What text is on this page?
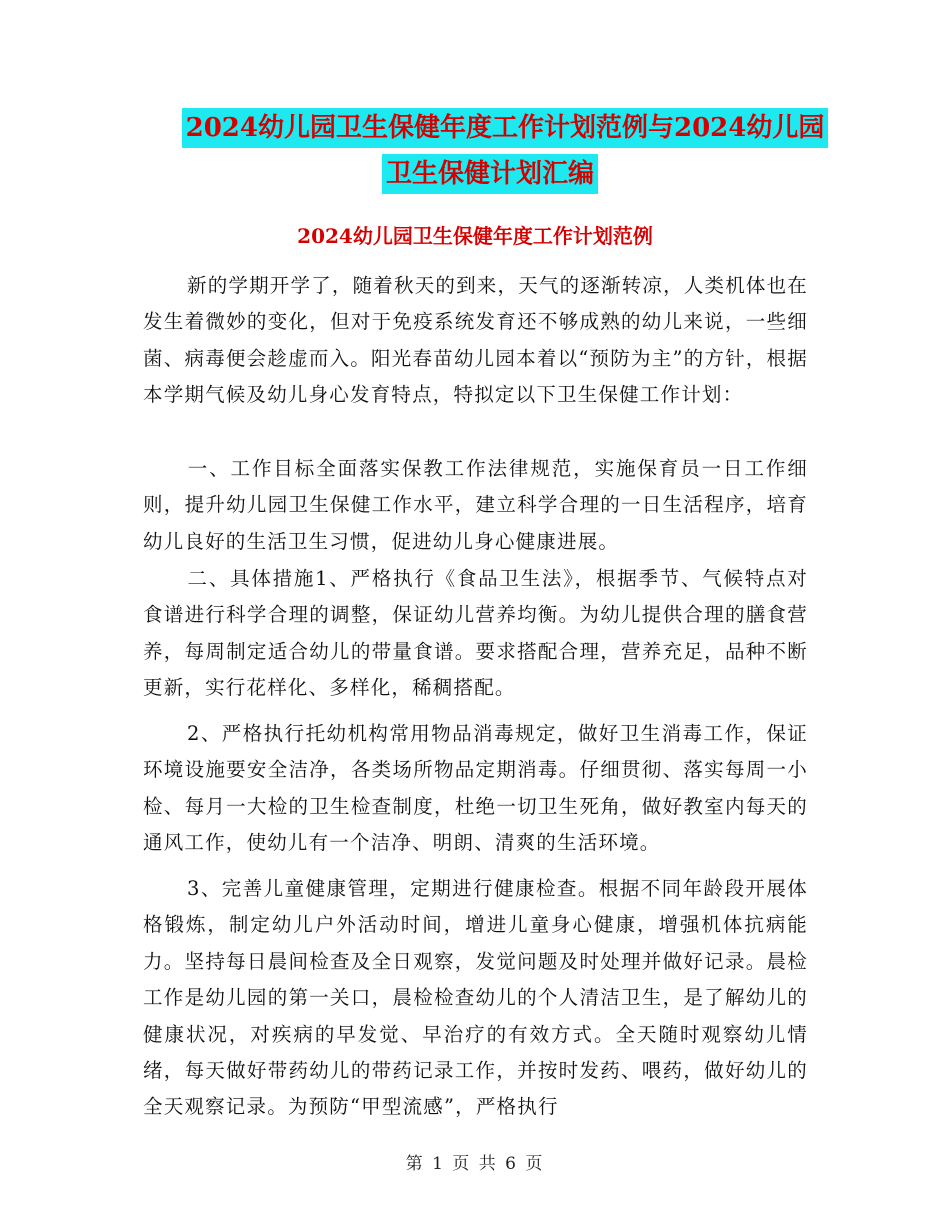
2024幼儿园卫生保健年度工作计划范例与2024幼儿园
卫生保健计划汇编
2024幼儿园卫生保健年度工作计划范例

新的学期开学了，随着秋天的到来，天气的逐渐转凉，人类机体也在发生着微妙的变化，但对于免疫系统发育还不够成熟的幼儿来说，一些细菌、病毒便会趁虚而入。阳光春苗幼儿园本着以“预防为主”的方针，根据本学期气候及幼儿身心发育特点，特拟定以下卫生保健工作计划：

一、工作目标全面落实保教工作法律规范，实施保育员一日工作细则，提升幼儿园卫生保健工作水平，建立科学合理的一日生活程序，培育幼儿良好的生活卫生习惯，促进幼儿身心健康进展。

二、具体措施1、严格执行《食品卫生法》，根据季节、气候特点对食谱进行科学合理的调整，保证幼儿营养均衡。为幼儿提供合理的膳食营养，每周制定适合幼儿的带量食谱。要求搭配合理，营养充足，品种不断更新，实行花样化、多样化，稀稠搭配。

2、严格执行托幼机构常用物品消毒规定，做好卫生消毒工作，保证环境设施要安全洁净，各类场所物品定期消毒。仔细贯彻、落实每周一小检、每月一大检的卫生检查制度，杜绝一切卫生死角，做好教室内每天的通风工作，使幼儿有一个洁净、明朗、清爽的生活环境。

3、完善儿童健康管理，定期进行健康检查。根据不同年龄段开展体格锻炼，制定幼儿户外活动时间，增进儿童身心健康，增强机体抗病能力。坚持每日晨间检查及全日观察，发觉问题及时处理并做好记录。晨检工作是幼儿园的第一关口，晨检检查幼儿的个人清洁卫生，是了解幼儿的健康状况，对疾病的早发觉、早治疗的有效方式。全天随时观察幼儿情绪，每天做好带药幼儿的带药记录工作，并按时发药、喂药，做好幼儿的全天观察记录。为预防“甲型流感”，严格执行

第 1 页 共 6 页
